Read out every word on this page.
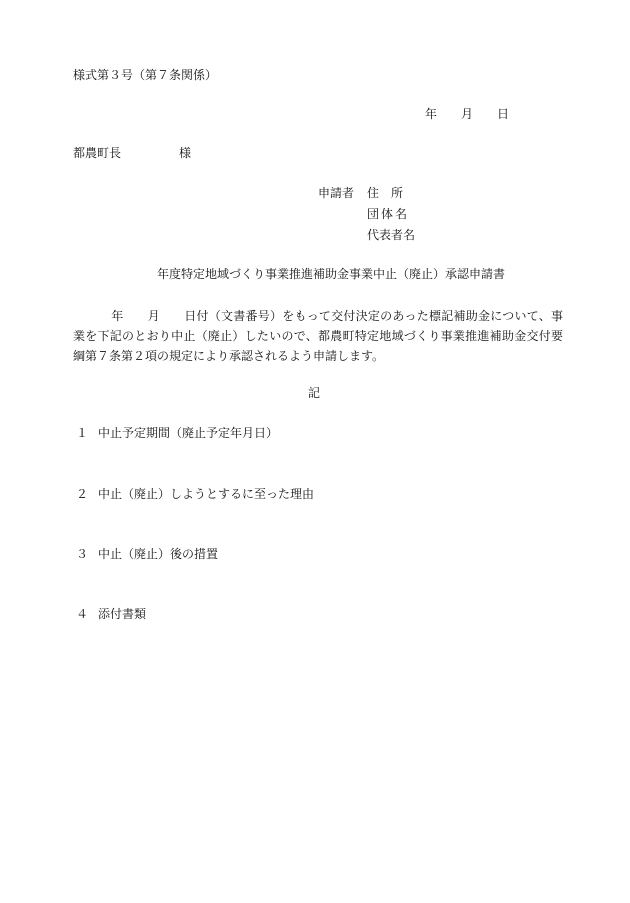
様式第３号（第７条関係）
年 月 日
都農町長	様
申請者 住所
団体名
代表者名
年度特定地域づくり事業推進補助金事業中止（廃止）承認申請書
年 月 日付（文書番号）をもって交付決定のあった標記補助金について、事業を下記のとおり中止（廃止）したいので、都農町特定地域づくり事業推進補助金交付要綱第７条第２項の規定により承認されるよう申請します。
記
１ 中止予定期間（廃止予定年月日）
２ 中止（廃止）しようとするに至った理由
３ 中止（廃止）後の措置
４ 添付書類
